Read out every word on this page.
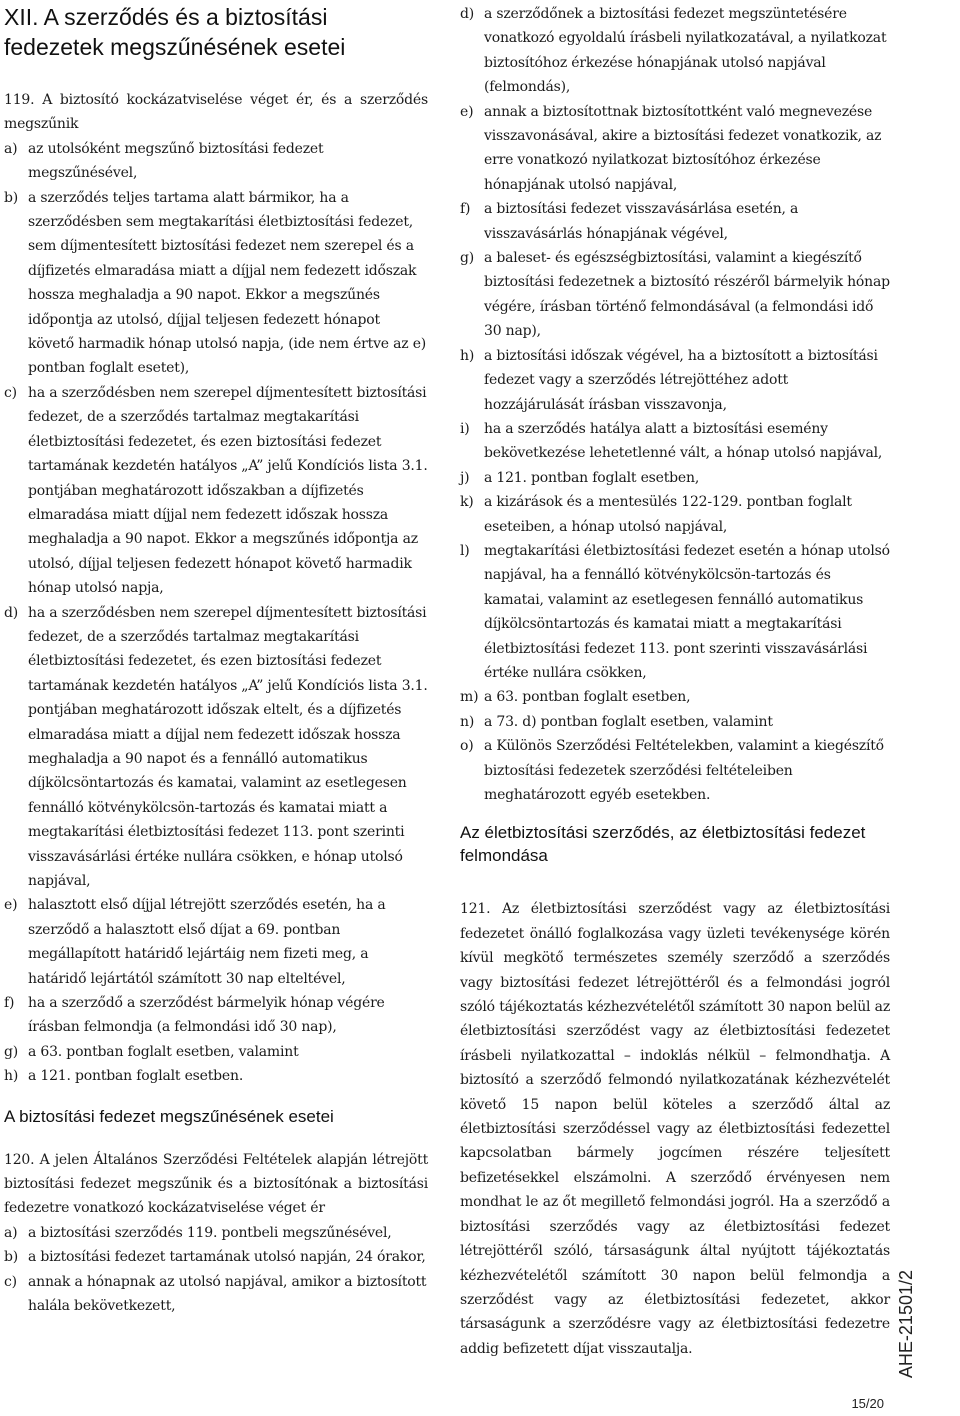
XII. A szerződés és a biztosítási fedezetek megszűnésének esetei

119. A biztosító kockázatviselése véget ér, és a szerződés megszűnik

a) az utolsóként megszűnő biztosítási fedezet megszűnésével,
b) a szerződés teljes tartama alatt bármikor, ha a szerződésben sem megtakarítási életbiztosítási fedezet, sem díjmentesített biztosítási fedezet nem szerepel és a díjfizetés elmaradása miatt a díjjal nem fedezett időszak hossza meghaladja a 90 napot. Ekkor a megszűnés időpontja az utolsó, díjjal teljesen fedezett hónapot követő harmadik hónap utolsó napja, (ide nem értve az e) pontban foglalt esetet),
c) ha a szerződésben nem szerepel díjmentesített biztosítási fedezet, de a szerződés tartalmaz megtakarítási életbiztosítási fedezetet, és ezen biztosítási fedezet tartamának kezdetén hatályos „A” jelű Kondíciós lista 3.1. pontjában meghatározott időszakban a díjfizetés elmaradása miatt díjjal nem fedezett időszak hossza meghaladja a 90 napot. Ekkor a megszűnés időpontja az utolsó, díjjal teljesen fedezett hónapot követő harmadik hónap utolsó napja,
d) ha a szerződésben nem szerepel díjmentesített biztosítási fedezet, de a szerződés tartalmaz megtakarítási életbiztosítási fedezetet, és ezen biztosítási fedezet tartamának kezdetén hatályos „A” jelű Kondíciós lista 3.1. pontjában meghatározott időszak eltelt, és a díjfizetés elmaradása miatt a díjjal nem fedezett időszak hossza meghaladja a 90 napot és a fennálló automatikus díjkölcsöntartozás és kamatai, valamint az esetlegesen fennálló kötvénykölcsön-tartozás és kamatai miatt a megtakarítási életbiztosítási fedezet 113. pont szerinti visszavásárlási értéke nullára csökken, e hónap utolsó napjával,
e) halasztott első díjjal létrejött szerződés esetén, ha a szerződő a halasztott első díjat a 69. pontban megállapított határidő lejártáig nem fizeti meg, a határidő lejártától számított 30 nap elteltével,
f) ha a szerződő a szerződést bármelyik hónap végére írásban felmondja (a felmondási idő 30 nap),
g) a 63. pontban foglalt esetben, valamint
h) a 121. pontban foglalt esetben.
A biztosítási fedezet megszűnésének esetei

120. A jelen Általános Szerződési Feltételek alapján létrejött biztosítási fedezet megszűnik és a biztosítónak a biztosítási fedezetre vonatkozó kockázatviselése véget ér

a) a biztosítási szerződés 119. pontbeli megszűnésével,
b) a biztosítási fedezet tartamának utolsó napján, 24 órakor,
c) annak a hónapnak az utolsó napjával, amikor a biztosított halála bekövetkezett,
d) a szerződőnek a biztosítási fedezet megszüntetésére vonatkozó egyoldalú írásbeli nyilatkozatával, a nyilatkozat biztosítóhoz érkezése hónapjának utolsó napjával (felmondás),
e) annak a biztosítottnak biztosítottként való megnevezése visszavonásával, akire a biztosítási fedezet vonatkozik, az erre vonatkozó nyilatkozat biztosítóhoz érkezése hónapjának utolsó napjával,
f) a biztosítási fedezet visszavásárlása esetén, a visszavásárlás hónapjának végével,
g) a baleset- és egészségbiztosítási, valamint a kiegészítő biztosítási fedezetnek a biztosító részéről bármelyik hónap végére, írásban történő felmondásával (a felmondási idő 30 nap),
h) a biztosítási időszak végével, ha a biztosított a biztosítási fedezet vagy a szerződés létrejöttéhez adott hozzájárulását írásban visszavonja,
i)	ha a szerződés hatálya alatt a biztosítási esemény bekövetkezése lehetetlenné vált, a hónap utolsó napjával,
j)	a 121. pontban foglalt esetben,
k) a kizárások és a mentesülés 122-129. pontban foglalt eseteiben, a hónap utolsó napjával,
l)	megtakarítási életbiztosítási fedezet esetén a hónap utolsó napjával, ha a fennálló kötvénykölcsön-tartozás és kamatai, valamint az esetlegesen fennálló automatikus díjkölcsöntartozás és kamatai miatt a megtakarítási életbiztosítási fedezet 113. pont szerinti visszavásárlási értéke nullára csökken,
m) a 63. pontban foglalt esetben,
n) a 73. d) pontban foglalt esetben, valamint
o) a Különös Szerződési Feltételekben, valamint a kiegészítő biztosítási fedezetek szerződési feltételeiben meghatározott egyéb esetekben.
Az életbiztosítási szerződés, az életbiztosítási fedezet felmondása

121. Az életbiztosítási szerződést vagy az életbiztosítási fedezetet önálló foglalkozása vagy üzleti tevékenysége körén kívül megkötő természetes személy szerződő a szerződés vagy biztosítási fedezet létrejöttéről és a felmondási jogról szóló tájékoztatás kézhezvételétől számított 30 napon belül az életbiztosítási szerződést vagy az életbiztosítási fedezetet írásbeli nyilatkozattal – indoklás nélkül – felmondhatja. A biztosító a szerződő felmondó nyilatkozatának kézhezvételét követő 15 napon belül köteles a szerződő által az életbiztosítási szerződéssel vagy az életbiztosítási fedezettel kapcsolatban bármely jogcímen részére teljesített befizetésekkel elszámolni. A szerződő érvényesen nem mondhat le az őt megillető felmondási jogról. Ha a szerződő a biztosítási szerződés vagy az életbiztosítási fedezet létrejöttéről szóló, társaságunk által nyújtott tájékoztatás kézhezvételétől számított 30 napon belül felmondja a szerződést vagy az életbiztosítási fedezetet, akkor társaságunk a szerződésre vagy az életbiztosítási fedezetre addig befizetett díjat visszautalja.	AHE-21501/2
15/20
